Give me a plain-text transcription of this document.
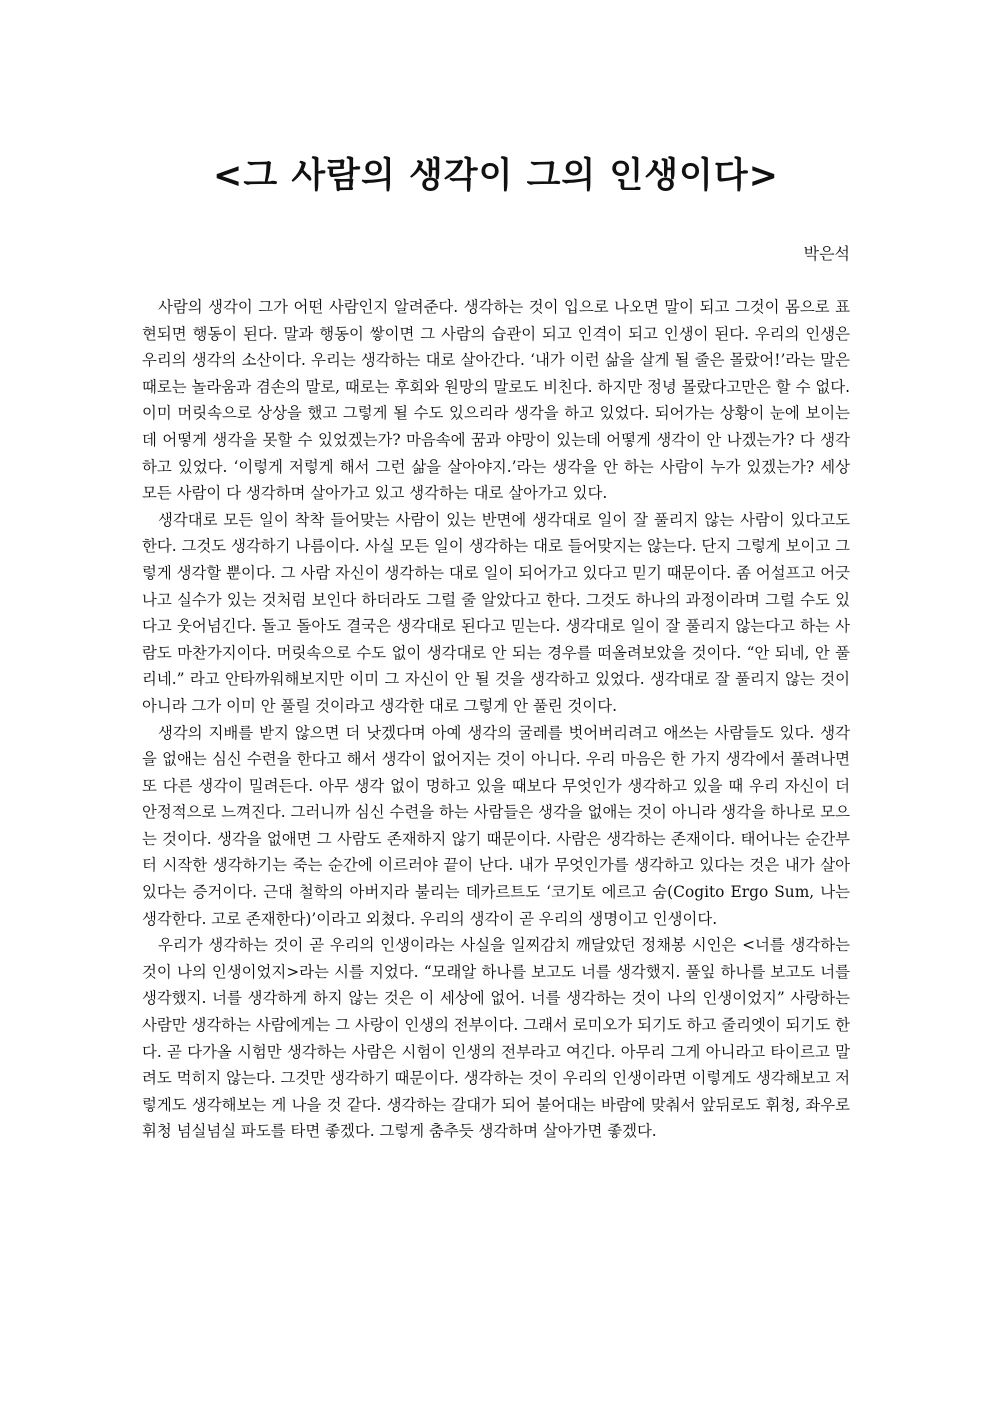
<그 사람의 생각이 그의 인생이다>

박은석

사람의 생각이 그가 어떤 사람인지 알려준다. 생각하는 것이 입으로 나오면 말이 되고 그것이 몸으로 표현되면 행동이 된다. 말과 행동이 쌓이면 그 사람의 습관이 되고 인격이 되고 인생이 된다. 우리의 인생은 우리의 생각의 소산이다. 우리는 생각하는 대로 살아간다. ‘내가 이런 삶을 살게 될 줄은 몰랐어!’라는 말은 때로는 놀라움과 겸손의 말로, 때로는 후회와 원망의 말로도 비친다. 하지만 정녕 몰랐다고만은 할 수 없다. 이미 머릿속으로 상상을 했고 그렇게 될 수도 있으리라 생각을 하고 있었다. 되어가는 상황이 눈에 보이는데 어떻게 생각을 못할 수 있었겠는가? 마음속에 꿈과 야망이 있는데 어떻게 생각이 안 나겠는가? 다 생각하고 있었다. ‘이렇게 저렇게 해서 그런 삶을 살아야지.’라는 생각을 안 하는 사람이 누가 있겠는가? 세상 모든 사람이 다 생각하며 살아가고 있고 생각하는 대로 살아가고 있다.

생각대로 모든 일이 착착 들어맞는 사람이 있는 반면에 생각대로 일이 잘 풀리지 않는 사람이 있다고도 한다. 그것도 생각하기 나름이다. 사실 모든 일이 생각하는 대로 들어맞지는 않는다. 단지 그렇게 보이고 그렇게 생각할 뿐이다. 그 사람 자신이 생각하는 대로 일이 되어가고 있다고 믿기 때문이다. 좀 어설프고 어긋나고 실수가 있는 것처럼 보인다 하더라도 그럴 줄 알았다고 한다. 그것도 하나의 과정이라며 그럴 수도 있다고 웃어넘긴다. 돌고 돌아도 결국은 생각대로 된다고 믿는다. 생각대로 일이 잘 풀리지 않는다고 하는 사람도 마찬가지이다. 머릿속으로 수도 없이 생각대로 안 되는 경우를 떠올려보았을 것이다. “안 되네, 안 풀리네.” 라고 안타까워해보지만 이미 그 자신이 안 될 것을 생각하고 있었다. 생각대로 잘 풀리지 않는 것이 아니라 그가 이미 안 풀릴 것이라고 생각한 대로 그렇게 안 풀린 것이다.

생각의 지배를 받지 않으면 더 낫겠다며 아예 생각의 굴레를 벗어버리려고 애쓰는 사람들도 있다. 생각을 없애는 심신 수련을 한다고 해서 생각이 없어지는 것이 아니다. 우리 마음은 한 가지 생각에서 풀려나면 또 다른 생각이 밀려든다. 아무 생각 없이 멍하고 있을 때보다 무엇인가 생각하고 있을 때 우리 자신이 더 안정적으로 느껴진다. 그러니까 심신 수련을 하는 사람들은 생각을 없애는 것이 아니라 생각을 하나로 모으는 것이다. 생각을 없애면 그 사람도 존재하지 않기 때문이다. 사람은 생각하는 존재이다. 태어나는 순간부터 시작한 생각하기는 죽는 순간에 이르러야 끝이 난다. 내가 무엇인가를 생각하고 있다는 것은 내가 살아 있다는 증거이다. 근대 철학의 아버지라 불리는 데카르트도 ‘코기토 에르고 숨(Cogito Ergo Sum, 나는 생각한다. 고로 존재한다)’이라고 외쳤다. 우리의 생각이 곧 우리의 생명이고 인생이다.

우리가 생각하는 것이 곧 우리의 인생이라는 사실을 일찌감치 깨달았던 정채봉 시인은 <너를 생각하는 것이 나의 인생이었지>라는 시를 지었다. “모래알 하나를 보고도 너를 생각했지. 풀잎 하나를 보고도 너를 생각했지. 너를 생각하게 하지 않는 것은 이 세상에 없어. 너를 생각하는 것이 나의 인생이었지” 사랑하는 사람만 생각하는 사람에게는 그 사랑이 인생의 전부이다. 그래서 로미오가 되기도 하고 줄리엣이 되기도 한다. 곧 다가올 시험만 생각하는 사람은 시험이 인생의 전부라고 여긴다. 아무리 그게 아니라고 타이르고 말려도 먹히지 않는다. 그것만 생각하기 때문이다. 생각하는 것이 우리의 인생이라면 이렇게도 생각해보고 저렇게도 생각해보는 게 나을 것 같다. 생각하는 갈대가 되어 불어대는 바람에 맞춰서 앞뒤로도 휘청, 좌우로 휘청 넘실넘실 파도를 타면 좋겠다. 그렇게 춤추듯 생각하며 살아가면 좋겠다.
